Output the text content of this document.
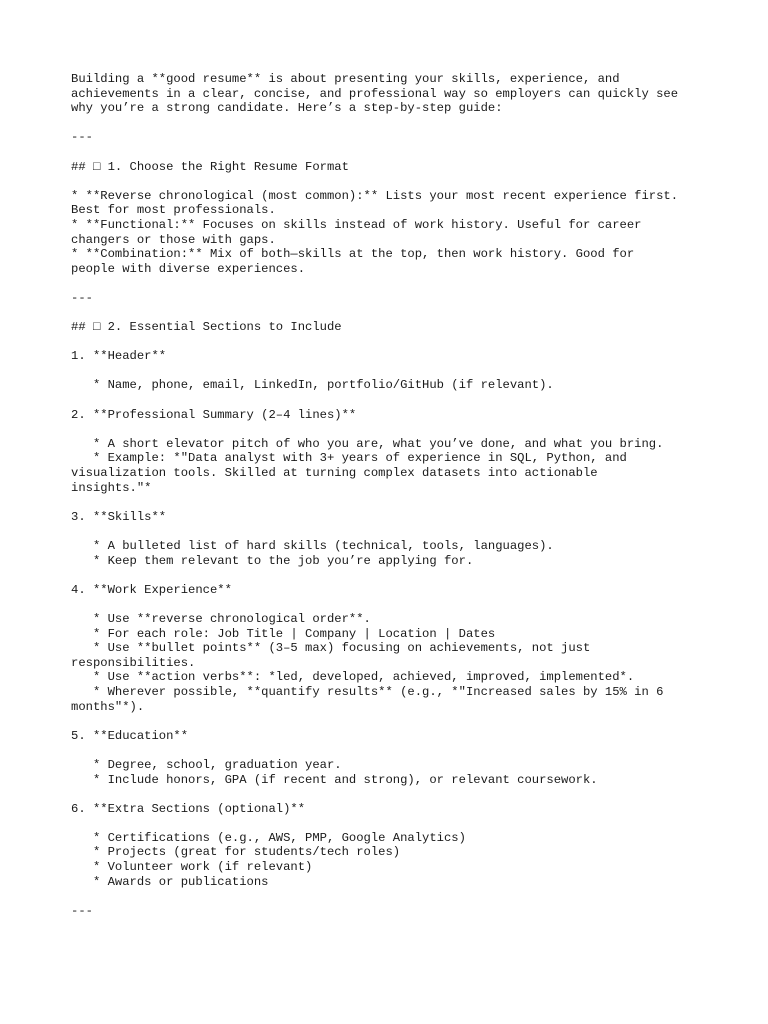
Building a **good resume** is about presenting your skills, experience, and
achievements in a clear, concise, and professional way so employers can quickly see
why you’re a strong candidate. Here’s a step-by-step guide:
---
## □ 1. Choose the Right Resume Format
* **Reverse chronological (most common):** Lists your most recent experience first.
Best for most professionals.
* **Functional:** Focuses on skills instead of work history. Useful for career
changers or those with gaps.
* **Combination:** Mix of both—skills at the top, then work history. Good for
people with diverse experiences.
---
## □ 2. Essential Sections to Include
1. **Header**
* Name, phone, email, LinkedIn, portfolio/GitHub (if relevant).
2. **Professional Summary (2–4 lines)**
* A short elevator pitch of who you are, what you’ve done, and what you bring.
* Example: *"Data analyst with 3+ years of experience in SQL, Python, and
visualization tools. Skilled at turning complex datasets into actionable
insights."*
3. **Skills**
* A bulleted list of hard skills (technical, tools, languages).
* Keep them relevant to the job you’re applying for.
4. **Work Experience**
* Use **reverse chronological order**.
* For each role: Job Title | Company | Location | Dates
* Use **bullet points** (3–5 max) focusing on achievements, not just
responsibilities.
* Use **action verbs**: *led, developed, achieved, improved, implemented*.
* Wherever possible, **quantify results** (e.g., *"Increased sales by 15% in 6
months"*).
5. **Education**
* Degree, school, graduation year.
* Include honors, GPA (if recent and strong), or relevant coursework.
6. **Extra Sections (optional)**
* Certifications (e.g., AWS, PMP, Google Analytics)
* Projects (great for students/tech roles)
* Volunteer work (if relevant)
* Awards or publications
---
